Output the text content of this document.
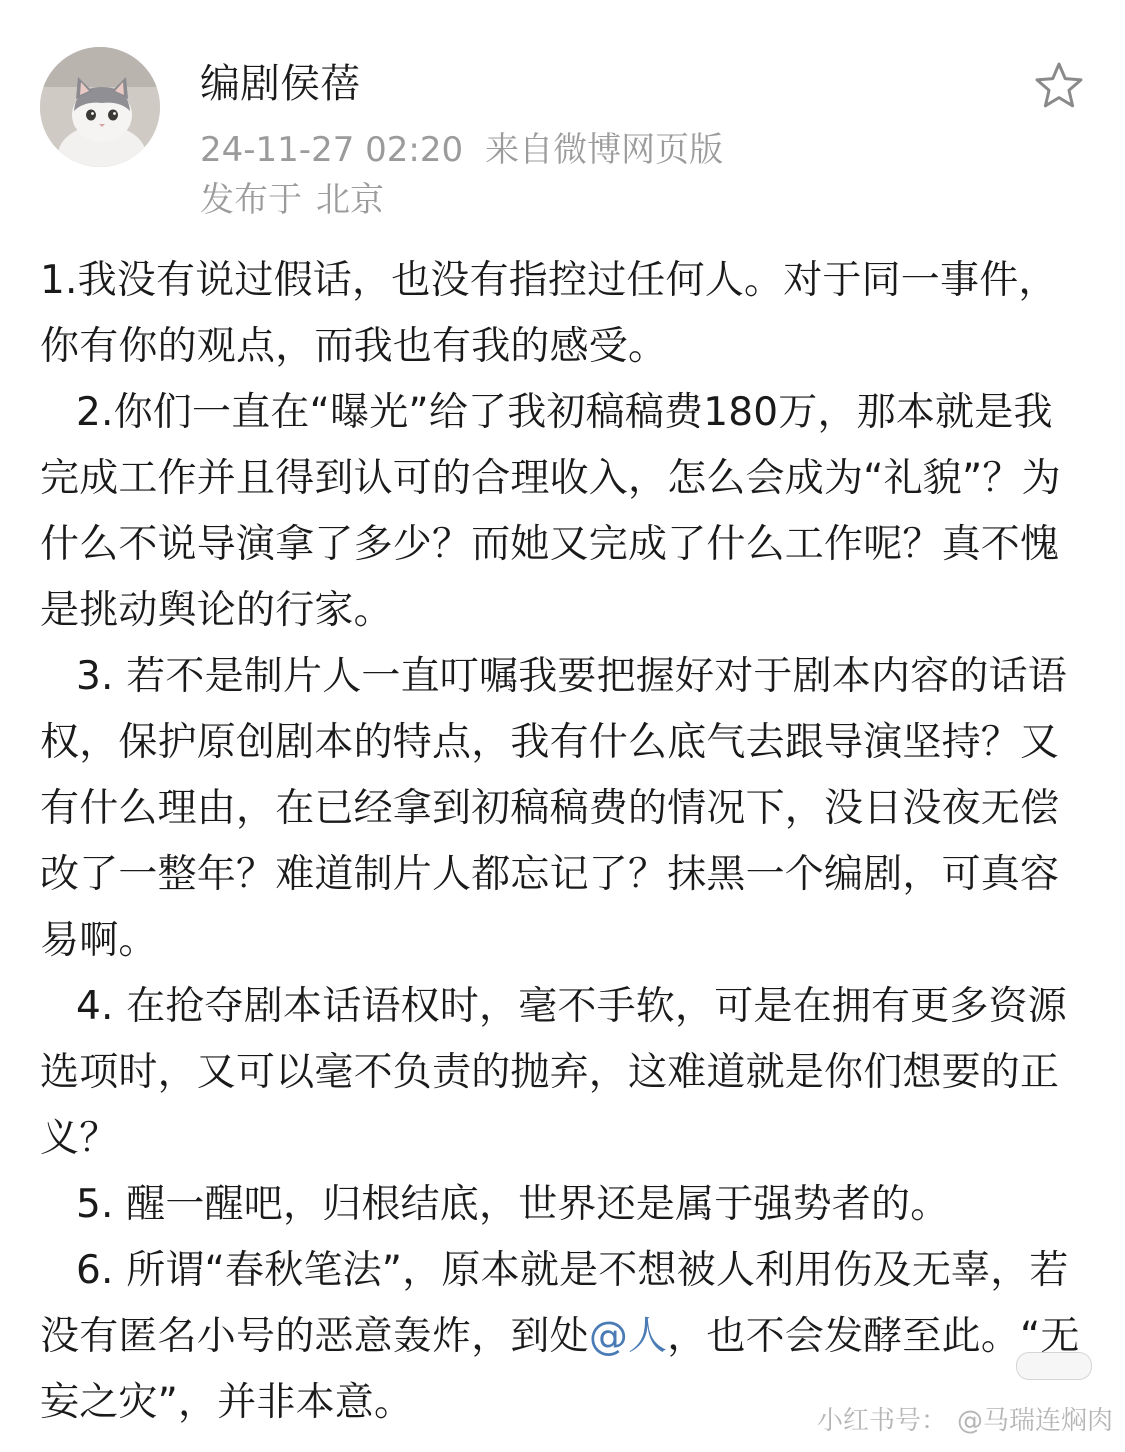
编剧侯蓓
24-11-27 02:20 来自微博网页版
发布于 北京

1.我没有说过假话，也没有指控过任何人。对于同一事件，你有你的观点，而我也有我的感受。

2.你们一直在“曝光”给了我初稿稿费180万，那本就是我完成工作并且得到认可的合理收入，怎么会成为“礼貌”？为什么不说导演拿了多少？而她又完成了什么工作呢？真不愧是挑动舆论的行家。

3. 若不是制片人一直叮嘱我要把握好对于剧本内容的话语权，保护原创剧本的特点，我有什么底气去跟导演坚持？又有什么理由，在已经拿到初稿稿费的情况下，没日没夜无偿改了一整年？难道制片人都忘记了？抹黑一个编剧，可真容易啊。

4. 在抢夺剧本话语权时，毫不手软，可是在拥有更多资源选项时，又可以毫不负责的抛弃，这难道就是你们想要的正义？

5. 醒一醒吧，归根结底，世界还是属于强势者的。

6. 所谓“春秋笔法”，原本就是不想被人利用伤及无辜，若没有匿名小号的恶意轰炸，到处@人，也不会发酵至此。“无妄之灾”，并非本意。	小红书号： @马瑞连焖肉
